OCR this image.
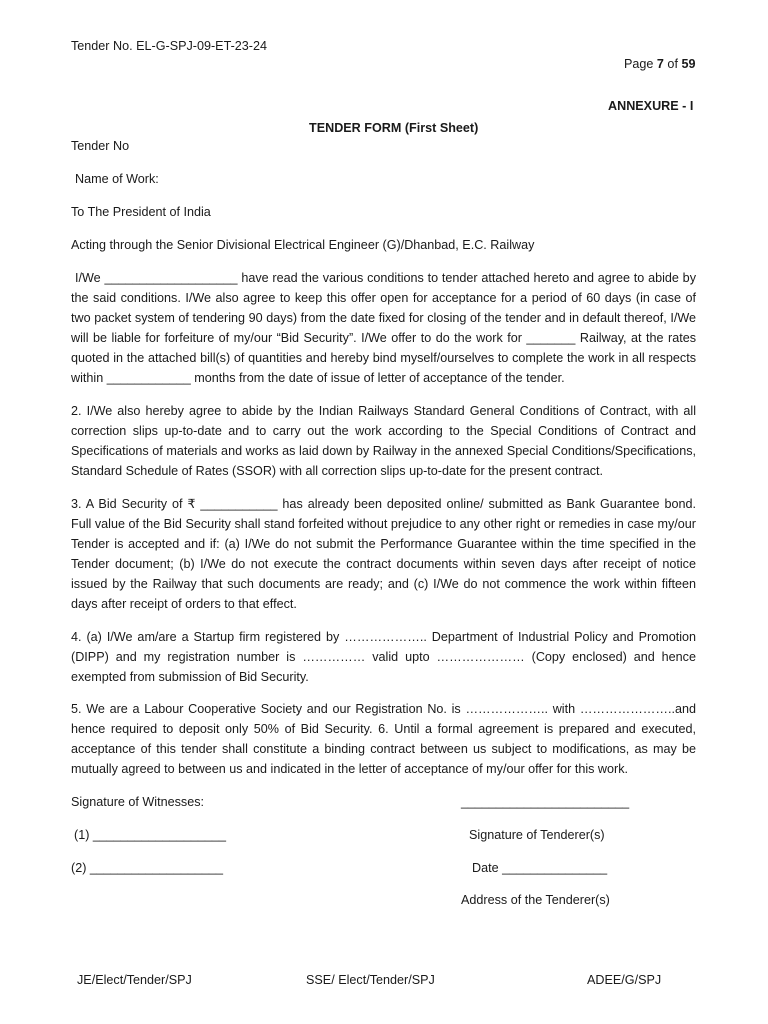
Tender No. EL-G-SPJ-09-ET-23-24
Page 7 of 59
ANNEXURE - I
TENDER FORM (First Sheet)
Tender No
Name of Work:
To The President of India
Acting through the Senior Divisional Electrical Engineer (G)/Dhanbad, E.C. Railway

I/We ___________________ have read the various conditions to tender attached hereto and agree to abide by the said conditions. I/We also agree to keep this offer open for acceptance for a period of 60 days (in case of two packet system of tendering 90 days) from the date fixed for closing of the tender and in default thereof, I/We will be liable for forfeiture of my/our “Bid Security”. I/We offer to do the work for _______ Railway, at the rates quoted in the attached bill(s) of quantities and hereby bind myself/ourselves to complete the work in all respects within ____________ months from the date of issue of letter of acceptance of the tender.

2. I/We also hereby agree to abide by the Indian Railways Standard General Conditions of Contract, with all correction slips up-to-date and to carry out the work according to the Special Conditions of Contract and Specifications of materials and works as laid down by Railway in the annexed Special Conditions/Specifications, Standard Schedule of Rates (SSOR) with all correction slips up-to-date for the present contract.

3. A Bid Security of ₹ ___________ has already been deposited online/ submitted as Bank Guarantee bond. Full value of the Bid Security shall stand forfeited without prejudice to any other right or remedies in case my/our Tender is accepted and if: (a) I/We do not submit the Performance Guarantee within the time specified in the Tender document; (b) I/We do not execute the contract documents within seven days after receipt of notice issued by the Railway that such documents are ready; and (c) I/We do not commence the work within fifteen days after receipt of orders to that effect.

4. (a) I/We am/are a Startup firm registered by ……………….. Department of Industrial Policy and Promotion (DIPP) and my registration number is …………… valid upto ………………… (Copy enclosed) and hence exempted from submission of Bid Security.

5. We are a Labour Cooperative Society and our Registration No. is ……………….. with …………………..and hence required to deposit only 50% of Bid Security. 6. Until a formal agreement is prepared and executed, acceptance of this tender shall constitute a binding contract between us subject to modifications, as may be mutually agreed to between us and indicated in the letter of acceptance of my/our offer for this work.

Signature of Witnesses:	________________________
(1) ___________________	Signature of Tenderer(s)
(2) ___________________	Date _______________
Address of the Tenderer(s)
JE/Elect/Tender/SPJ	SSE/ Elect/Tender/SPJ	ADEE/G/SPJ
